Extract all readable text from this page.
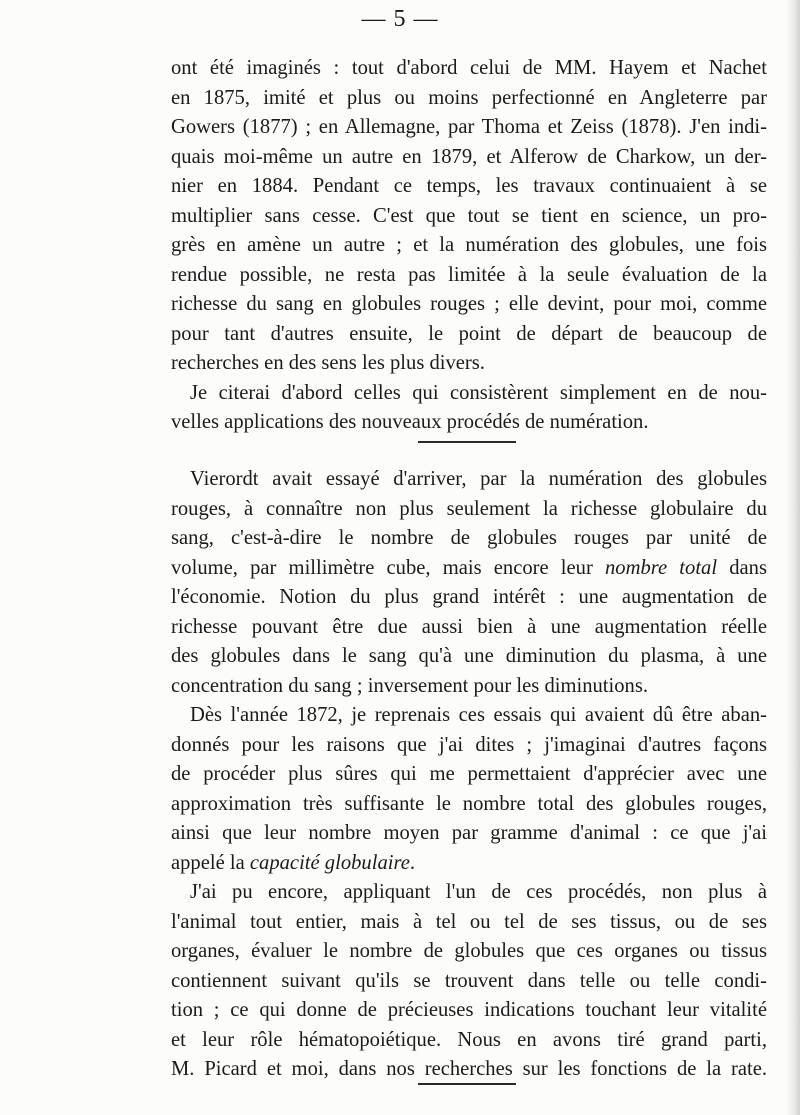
— 5 —
ont été imaginés : tout d'abord celui de MM. Hayem et Nachet
en 1875, imité et plus ou moins perfectionné en Angleterre par
Gowers (1877) ; en Allemagne, par Thoma et Zeiss (1878). J'en indi-
quais moi-même un autre en 1879, et Alferow de Charkow, un der-
nier en 1884. Pendant ce temps, les travaux continuaient à se
multiplier sans cesse. C'est que tout se tient en science, un pro-
grès en amène un autre ; et la numération des globules, une fois
rendue possible, ne resta pas limitée à la seule évaluation de la
richesse du sang en globules rouges ; elle devint, pour moi, comme
pour tant d'autres ensuite, le point de départ de beaucoup de
recherches en des sens les plus divers.
Je citerai d'abord celles qui consistèrent simplement en de nou-
velles applications des nouveaux procédés de numération.
Vierordt avait essayé d'arriver, par la numération des globules
rouges, à connaître non plus seulement la richesse globulaire du
sang, c'est-à-dire le nombre de globules rouges par unité de
volume, par millimètre cube, mais encore leur nombre total dans
l'économie. Notion du plus grand intérêt : une augmentation de
richesse pouvant être due aussi bien à une augmentation réelle
des globules dans le sang qu'à une diminution du plasma, à une
concentration du sang ; inversement pour les diminutions.
Dès l'année 1872, je reprenais ces essais qui avaient dû être aban-
donnés pour les raisons que j'ai dites ; j'imaginai d'autres façons
de procéder plus sûres qui me permettaient d'apprécier avec une
approximation très suffisante le nombre total des globules rouges,
ainsi que leur nombre moyen par gramme d'animal : ce que j'ai
appelé la capacité globulaire.
J'ai pu encore, appliquant l'un de ces procédés, non plus à
l'animal tout entier, mais à tel ou tel de ses tissus, ou de ses
organes, évaluer le nombre de globules que ces organes ou tissus
contiennent suivant qu'ils se trouvent dans telle ou telle condi-
tion ; ce qui donne de précieuses indications touchant leur vitalité
et leur rôle hématopoiétique. Nous en avons tiré grand parti,
M. Picard et moi, dans nos recherches sur les fonctions de la rate.
